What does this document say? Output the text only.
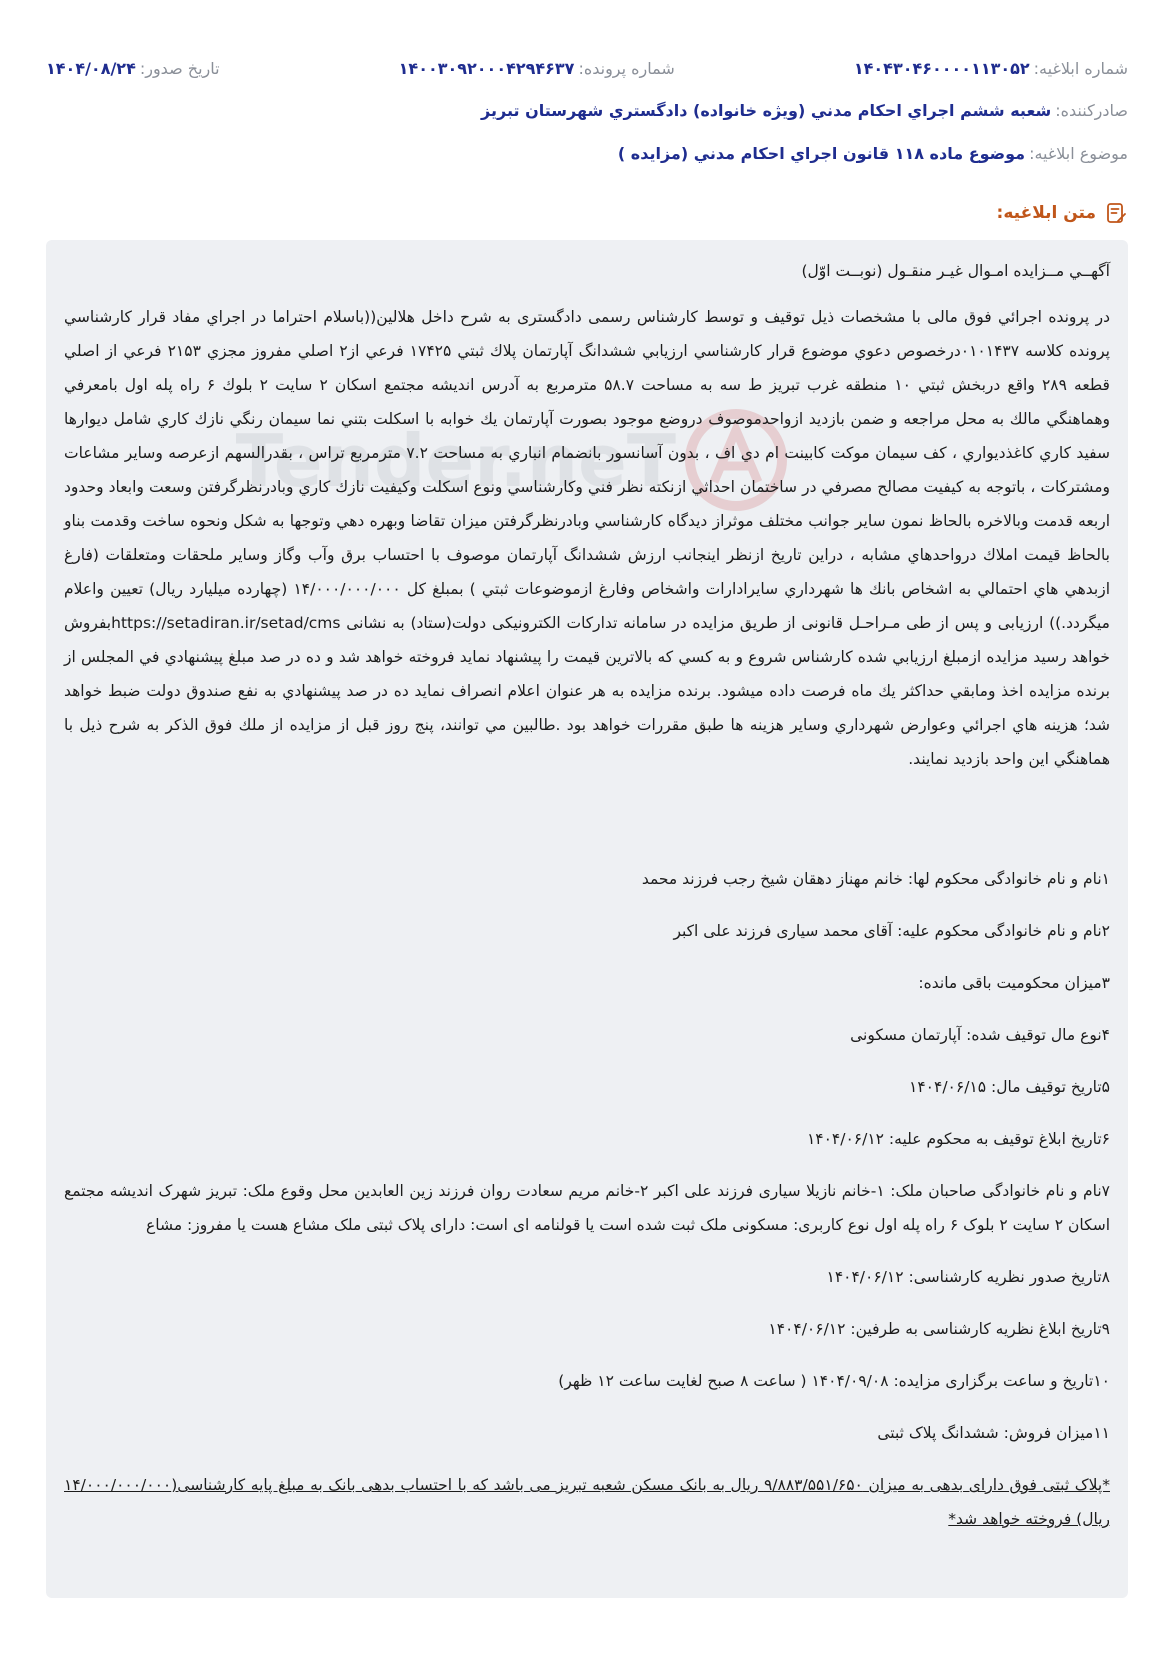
شماره ابلاغیه:
۱۴۰۴۳۰۴۶۰۰۰۰۱۱۳۰۵۲
شماره پرونده:
۱۴۰۰۳۰۹۲۰۰۰۴۲۹۴۶۳۷
تاریخ صدور:
۱۴۰۴/۰۸/۲۴
صادرکننده:
شعبه ششم اجراي احكام مدني (ويژه خانواده) دادگستري شهرستان تبريز
موضوع ابلاغیه:
موضوع ماده ۱۱۸ قانون اجراي احكام مدني (مزايده )
متن ابلاغیه:
Tender.neT

آگهــي مــزايده امـوال غيـر منقـول (نوبــت اوّل)

در پرونده اجرائي فوق مالی با مشخصات ذيل توقيف و توسط كارشناس رسمی دادگستری به شرح داخل هلالين((باسلام احتراما در اجراي مفاد قرار كارشناسي پرونده كلاسه ۰۱۰۱۴۳۷درخصوص دعوي موضوع قرار كارشناسي ارزيابي ششدانگ آپارتمان پلاك ثبتي ۱۷۴۲۵ فرعي از۲ اصلي مفروز مجزي ۲۱۵۳ فرعي از اصلي قطعه ۲۸۹ واقع دربخش ثبتي ۱۰ منطقه غرب تبريز ط سه به مساحت ۵۸.۷ مترمربع به آدرس اندیشه مجتمع اسكان ۲ سايت ۲ بلوك ۶ راه پله اول بامعرفي وهماهنگي مالك به محل مراجعه و ضمن بازديد ازواحدموصوف دروضع موجود بصورت آپارتمان يك خوابه با اسكلت بتني نما سيمان رنگي نازك كاري شامل ديوارها سفيد كاري كاغذديواري ، كف سيمان موكت كابينت ام دي اف ، بدون آسانسور بانضمام انباري به مساحت ۷.۲ مترمربع تراس ، بقدرالسهم ازعرصه وساير مشاعات ومشتركات ، باتوجه به كيفيت مصالح مصرفي در ساختمان احداثي ازنكته نظر فني وكارشناسي ونوع اسكلت وكيفيت نازك كاري وبادرنظرگرفتن وسعت وابعاد وحدود اربعه قدمت وبالاخره بالحاظ نمون ساير جوانب مختلف موثراز ديدگاه كارشناسي وبادرنظرگرفتن ميزان تقاضا وبهره دهي وتوجها به شكل ونحوه ساخت وقدمت بناو بالحاظ قيمت املاك درواحدهاي مشابه ، دراين تاريخ ازنظر اينجانب ارزش ششدانگ آپارتمان موصوف با احتساب برق وآب وگاز وساير ملحقات ومتعلقات (فارغ ازبدهي هاي احتمالي به اشخاص بانك ها شهرداري سايرادارات واشخاص وفارغ ازموضوعات ثبتي ) بمبلغ كل ۱۴/۰۰۰/۰۰۰/۰۰۰ (چهارده ميليارد ريال) تعيين واعلام ميگردد.)) ارزیابی و پس از طی مـراحـل قانونی از طریق مزایده در سامانه تدارکات الکترونیکی دولت(ستاد) به نشانی https://setadiran.ir/setad/cmsبفروش خواهد رسید مزایده ازمبلغ ارزيابي شده كارشناس شروع و به كسي كه بالاترين قيمت را پيشنهاد نمايد فروخته خواهد شد و ده در صد مبلغ پيشنهادي في المجلس از برنده مزايده اخذ ومابقي حداكثر يك ماه فرصت داده ميشود. برنده مزايده به هر عنوان اعلام انصراف نمايد ده در صد پيشنهادي به نفع صندوق دولت ضبط خواهد شد؛ هزينه هاي اجرائي وعوارض شهرداري وساير هزينه ها طبق مقررات خواهد بود .طالبين مي توانند، پنج روز قبل از مزايده از ملك فوق الذكر به شرح ذيل با هماهنگي اين واحد بازديد نمايند.

۱نام و نام خانوادگی محکوم لها: خانم مهناز دهقان شیخ رجب فرزند محمد

۲نام و نام خانوادگی محکوم علیه: آقای محمد سیاری فرزند علی اکبر

۳میزان محکومیت باقی مانده:

۴نوع مال توقیف شده: آپارتمان مسکونی

۵تاریخ توقیف مال: ۱۴۰۴/۰۶/۱۵

۶تاریخ ابلاغ توقیف به محکوم علیه: ۱۴۰۴/۰۶/۱۲

۷نام و نام خانوادگی صاحبان ملک: ۱-خانم نازیلا سیاری فرزند علی اکبر ۲-خانم مریم سعادت روان فرزند زین العابدین محل وقوع ملک: تبریز شهرک اندیشه مجتمع اسکان ۲ سایت ۲ بلوک ۶ راه پله اول نوع کاربری: مسکونی ملک ثبت شده است یا قولنامه ای است: دارای پلاک ثبتی ملک مشاع هست یا مفروز: مشاع

۸تاریخ صدور نظریه کارشناسی: ۱۴۰۴/۰۶/۱۲

۹تاریخ ابلاغ نظریه کارشناسی به طرفین: ۱۴۰۴/۰۶/۱۲

۱۰تاریخ و ساعت برگزاری مزایده: ۱۴۰۴/۰۹/۰۸ ( ساعت ۸ صبح لغایت ساعت ۱۲ ظهر)

۱۱میزان فروش: ششدانگ پلاک ثبتی

*پلاک ثبتی فوق دارای بدهی به میزان ۹/۸۸۳/۵۵۱/۶۵۰ ریال به بانک مسکن شعبه تبریز می باشد که با احتساب بدهی بانک به مبلغ پایه کارشناسی(۱۴/۰۰۰/۰۰۰/۰۰۰ ریال) فروخته خواهد شد*
